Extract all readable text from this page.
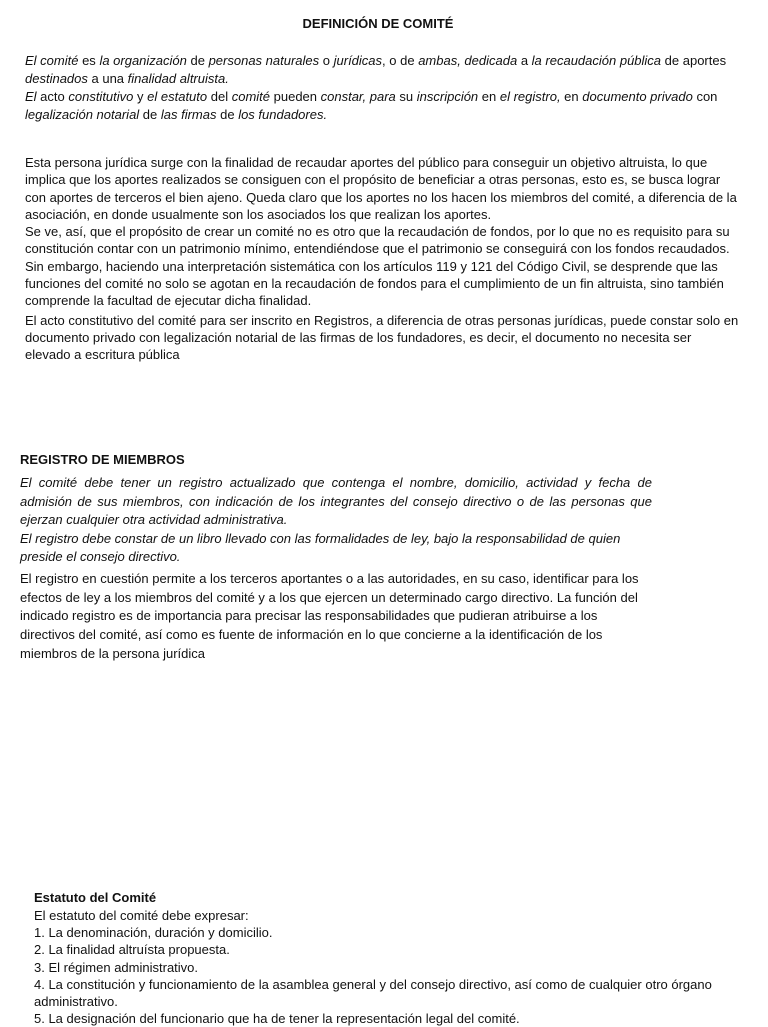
DEFINICIÓN DE COMITÉ

El comité es la organización de personas naturales o jurídicas, o de ambas, dedicada a la recaudación pública de aportes destinados a una finalidad altruista.

El acto constitutivo y el estatuto del comité pueden constar, para su inscripción en el registro, en documento privado con legalización notarial de las firmas de los fundadores.

Esta persona jurídica surge con la finalidad de recaudar aportes del público para conseguir un objetivo altruista, lo que implica que los aportes realizados se consiguen con el propósito de beneficiar a otras personas, esto es, se busca lograr con aportes de terceros el bien ajeno. Queda claro que los aportes no los hacen los miembros del comité, a diferencia de la asociación, en donde usualmente son los asociados los que realizan los aportes.

Se ve, así, que el propósito de crear un comité no es otro que la recaudación de fondos, por lo que no es requisito para su constitución contar con un patrimonio mínimo, entendiéndose que el patrimonio se conseguirá con los fondos recaudados. Sin embargo, haciendo una interpretación sistemática con los artículos 119 y 121 del Código Civil, se desprende que las funciones del comité no solo se agotan en la recaudación de fondos para el cumplimiento de un fin altruista, sino también comprende la facultad de ejecutar dicha finalidad.

El acto constitutivo del comité para ser inscrito en Registros, a diferencia de otras personas jurídicas, puede constar solo en documento privado con legalización notarial de las firmas de los fundadores, es decir, el documento no necesita ser elevado a escritura pública

REGISTRO DE MIEMBROS

El comité debe tener un registro actualizado que contenga el nombre, domicilio, actividad y fecha de admisión de sus miembros, con indicación de los integrantes del consejo directivo o de las personas que ejerzan cualquier otra actividad administrativa.

El registro debe constar de un libro llevado con las formalidades de ley, bajo la responsabilidad de quien preside el consejo directivo.

El registro en cuestión permite a los terceros aportantes o a las autoridades, en su caso, identificar para los efectos de ley a los miembros del comité y a los que ejercen un determinado cargo directivo. La función del indicado registro es de importancia para precisar las responsabilidades que pudieran atribuirse a los directivos del comité, así como es fuente de información en lo que concierne a la identificación de los miembros de la persona jurídica

Estatuto del Comité

El estatuto del comité debe expresar:

1. La denominación, duración y domicilio.
2. La finalidad altruísta propuesta.
3. El régimen administrativo.
4. La constitución y funcionamiento de la asamblea general y del consejo directivo, así como de cualquier otro órgano administrativo.
5. La designación del funcionario que ha de tener la representación legal del comité.
